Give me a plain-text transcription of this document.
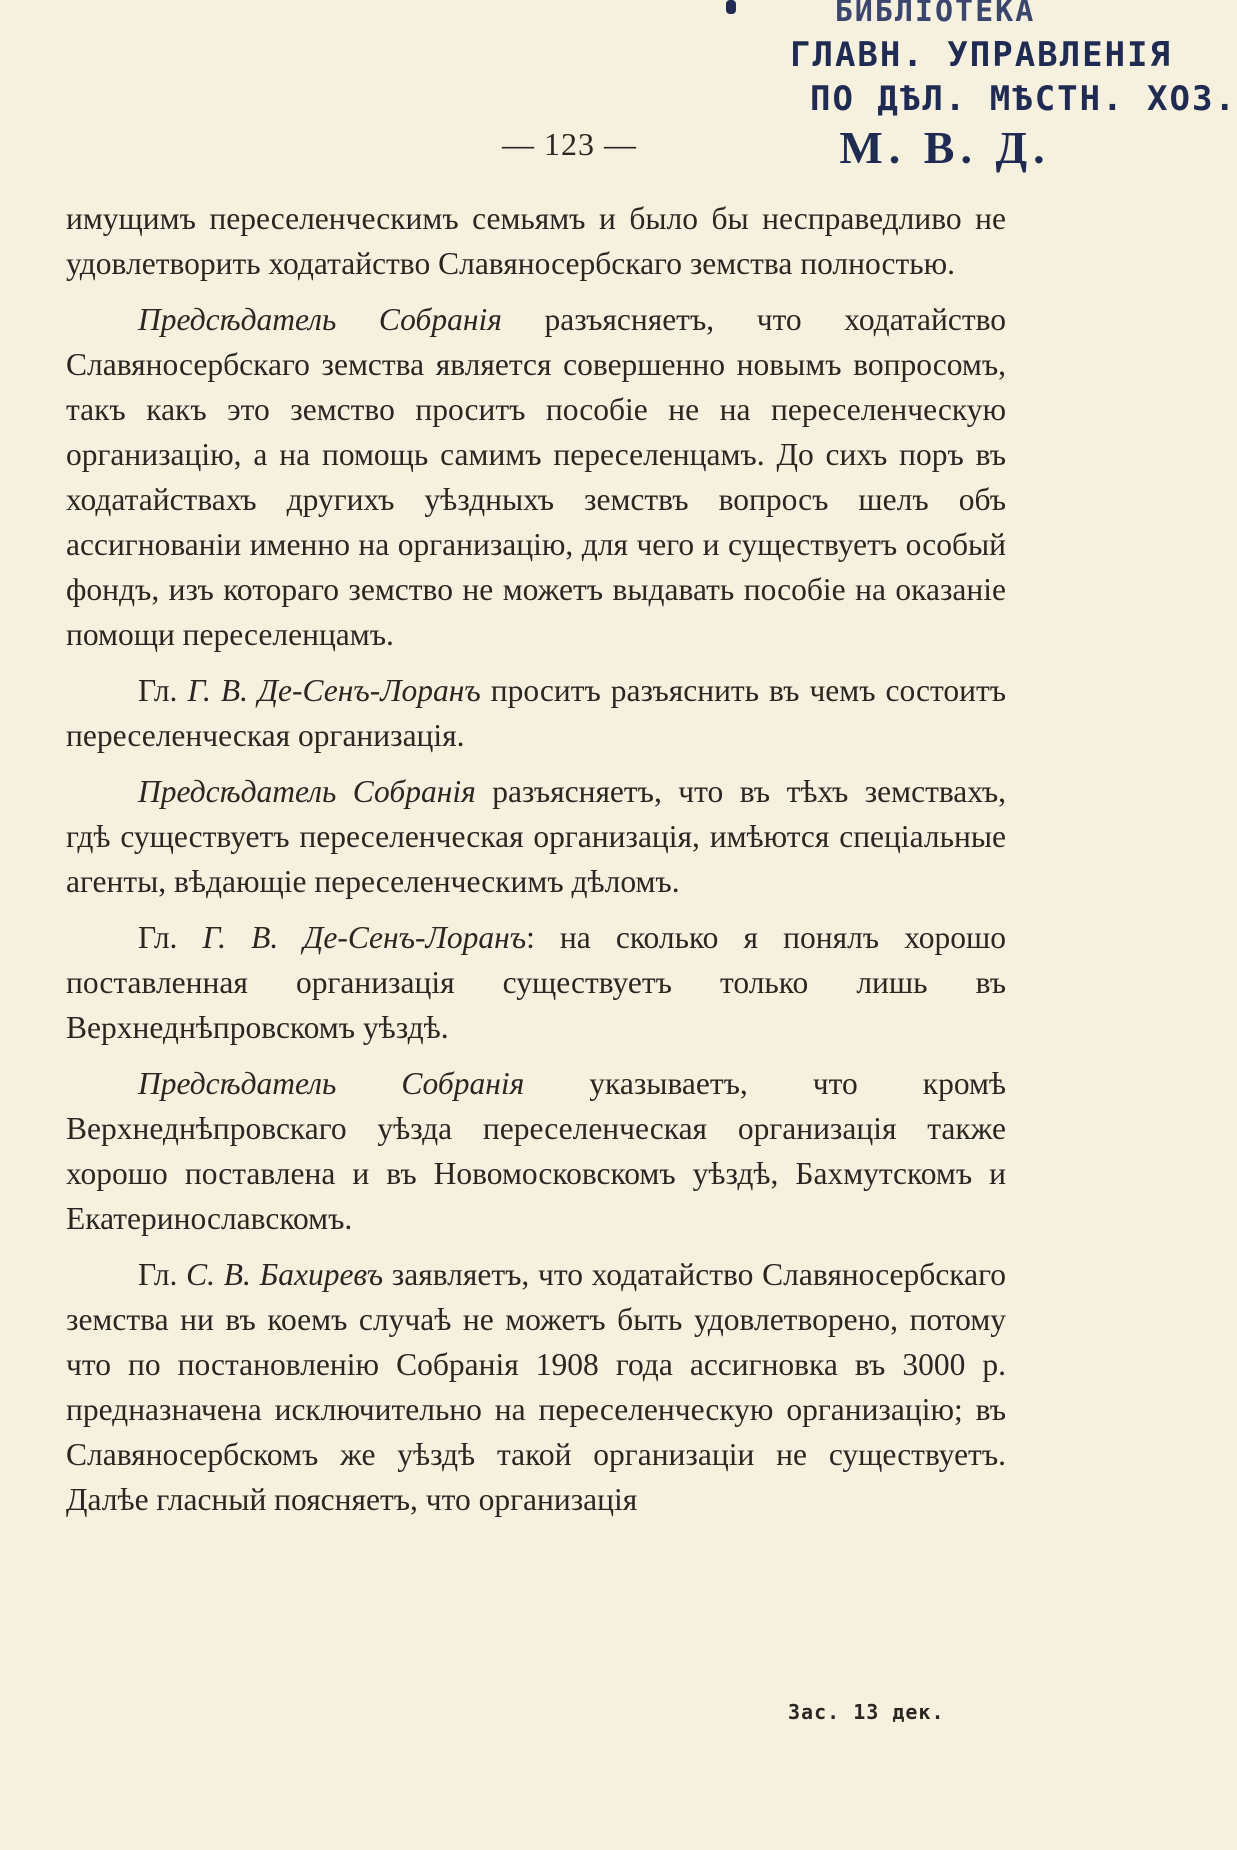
БИБЛІОТЕКА
ГЛАВН. УПРАВЛЕНІЯ
ПО ДѢЛ. МѢСТН. ХОЗ.
М. В. Д.
— 123 —

имущимъ переселенческимъ семьямъ и было бы несправедливо не удовлетворить ходатайство Славяносербскаго земства полностью.

Предсѣдатель Собранія разъясняетъ, что ходатайство Славяносербскаго земства является совершенно новымъ вопросомъ, такъ какъ это земство проситъ пособіе не на переселенческую организацію, а на помощь самимъ переселенцамъ. До сихъ поръ въ ходатайствахъ другихъ уѣздныхъ земствъ вопросъ шелъ объ ассигнованіи именно на организацію, для чего и существуетъ особый фондъ, изъ котораго земство не можетъ выдавать пособіе на оказаніе помощи переселенцамъ.

Гл. Г. В. Де-Сенъ-Лоранъ проситъ разъяснить въ чемъ состоитъ переселенческая организація.

Предсѣдатель Собранія разъясняетъ, что въ тѣхъ земствахъ, гдѣ существуетъ переселенческая организація, имѣются спеціальные агенты, вѣдающіе переселенческимъ дѣломъ.

Гл. Г. В. Де-Сенъ-Лоранъ: на сколько я понялъ хорошо поставленная организація существуетъ только лишь въ Верхнеднѣпровскомъ уѣздѣ.

Предсѣдатель Собранія указываетъ, что кромѣ Верхнеднѣпровскаго уѣзда переселенческая организація также хорошо поставлена и въ Новомосковскомъ уѣздѣ, Бахмутскомъ и Екатеринославскомъ.

Гл. С. В. Бахиревъ заявляетъ, что ходатайство Славяносербскаго земства ни въ коемъ случаѣ не можетъ быть удовлетворено, потому что по постановленію Собранія 1908 года ассигновка въ 3000 р. предназначена исключительно на переселенческую организацію; въ Славяносербскомъ же уѣздѣ такой организаціи не существуетъ. Далѣе гласный поясняетъ, что организація

Зас. 13 дек.
